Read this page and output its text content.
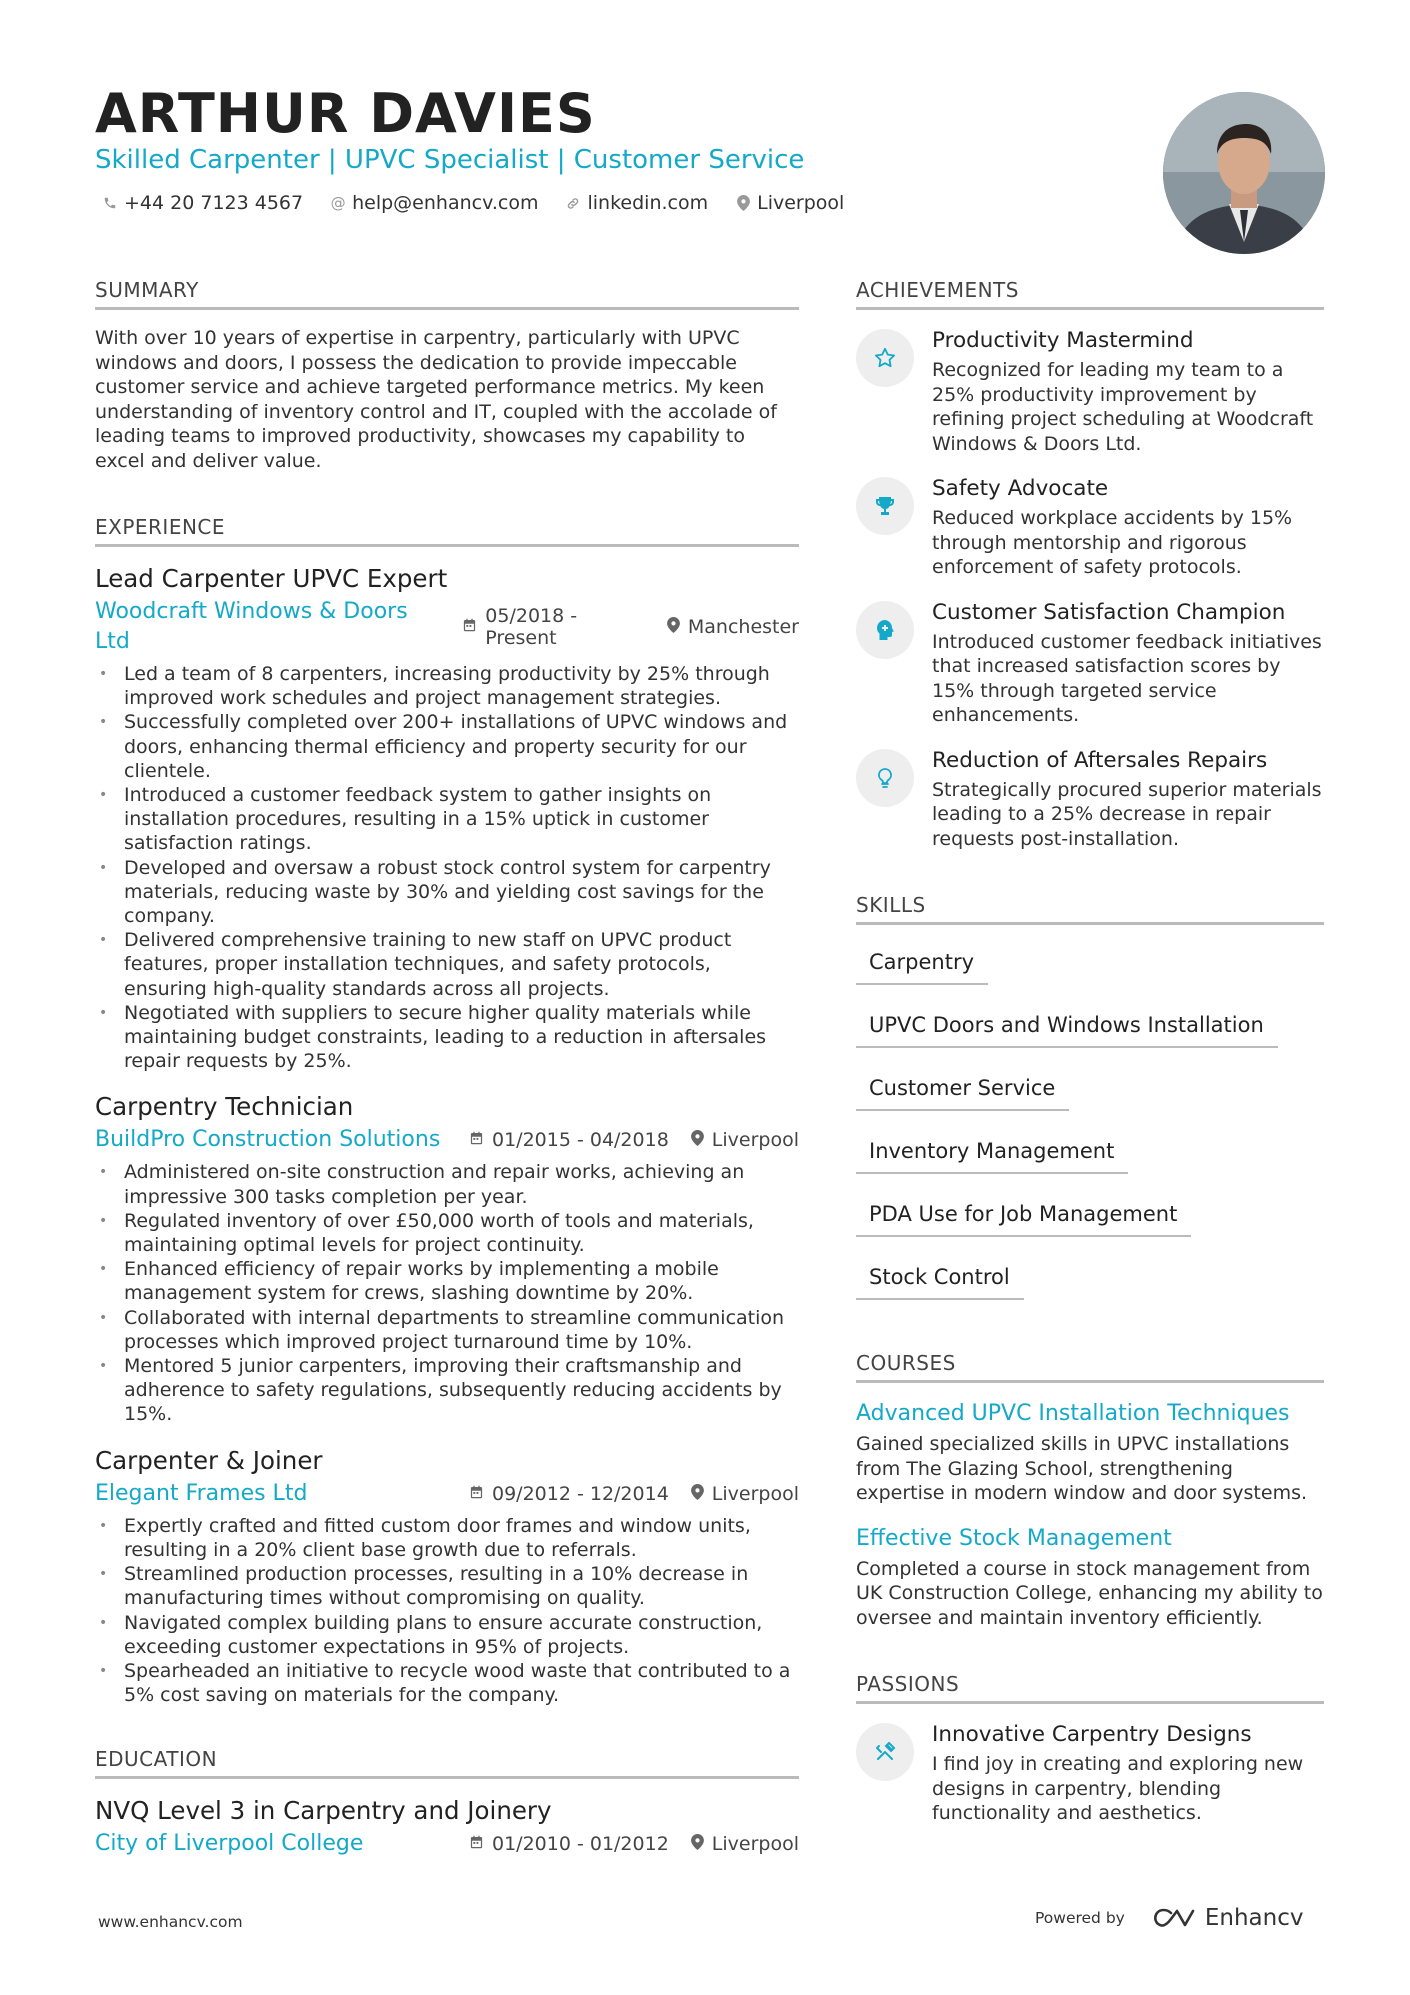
ARTHUR DAVIES
Skilled Carpenter | UPVC Specialist | Customer Service
+44 20 7123 4567 @ help@enhancv.com	linkedin.com	Liverpool
SUMMARY
With over 10 years of expertise in carpentry, particularly with UPVC windows and doors, I possess the dedication to provide impeccable customer service and achieve targeted performance metrics. My keen understanding of inventory control and IT, coupled with the accolade of leading teams to improved productivity, showcases my capability to excel and deliver value.
EXPERIENCE
Lead Carpenter UPVC Expert
Woodcraft Windows & Doors Ltd
05/2018 - Present	Manchester
• Led a team of 8 carpenters, increasing productivity by 25% through improved work schedules and project management strategies.
• Successfully completed over 200+ installations of UPVC windows and doors, enhancing thermal efficiency and property security for our clientele.
• Introduced a customer feedback system to gather insights on installation procedures, resulting in a 15% uptick in customer satisfaction ratings.
• Developed and oversaw a robust stock control system for carpentry materials, reducing waste by 30% and yielding cost savings for the company.
• Delivered comprehensive training to new staff on UPVC product features, proper installation techniques, and safety protocols, ensuring high-quality standards across all projects.
• Negotiated with suppliers to secure higher quality materials while maintaining budget constraints, leading to a reduction in aftersales repair requests by 25%.
Carpentry Technician
BuildPro Construction Solutions	01/2015 - 04/2018 Liverpool
• Administered on-site construction and repair works, achieving an impressive 300 tasks completion per year.
• Regulated inventory of over £50,000 worth of tools and materials, maintaining optimal levels for project continuity.
• Enhanced efficiency of repair works by implementing a mobile management system for crews, slashing downtime by 20%.
• Collaborated with internal departments to streamline communication processes which improved project turnaround time by 10%.
• Mentored 5 junior carpenters, improving their craftsmanship and adherence to safety regulations, subsequently reducing accidents by 15%.
Carpenter & Joiner
Elegant Frames Ltd	09/2012 - 12/2014 Liverpool
• Expertly crafted and fitted custom door frames and window units, resulting in a 20% client base growth due to referrals.
• Streamlined production processes, resulting in a 10% decrease in manufacturing times without compromising on quality.
• Navigated complex building plans to ensure accurate construction, exceeding customer expectations in 95% of projects.
• Spearheaded an initiative to recycle wood waste that contributed to a 5% cost saving on materials for the company.
EDUCATION
NVQ Level 3 in Carpentry and Joinery
City of Liverpool College	01/2010 - 01/2012 Liverpool
ACHIEVEMENTS
Productivity Mastermind
Recognized for leading my team to a 25% productivity improvement by refining project scheduling at Woodcraft Windows & Doors Ltd.
Safety Advocate
Reduced workplace accidents by 15% through mentorship and rigorous enforcement of safety protocols.
Customer Satisfaction Champion
Introduced customer feedback initiatives that increased satisfaction scores by 15% through targeted service enhancements.
Reduction of Aftersales Repairs
Strategically procured superior materials leading to a 25% decrease in repair requests post-installation.
SKILLS
Carpentry
UPVC Doors and Windows Installation
Customer Service
Inventory Management
PDA Use for Job Management
Stock Control
COURSES
Advanced UPVC Installation Techniques
Gained specialized skills in UPVC installations from The Glazing School, strengthening expertise in modern window and door systems.
Effective Stock Management
Completed a course in stock management from UK Construction College, enhancing my ability to oversee and maintain inventory efficiently.
PASSIONS
Innovative Carpentry Designs
I find joy in creating and exploring new designs in carpentry, blending functionality and aesthetics.
www.enhancv.com	Powered by	Enhancv
